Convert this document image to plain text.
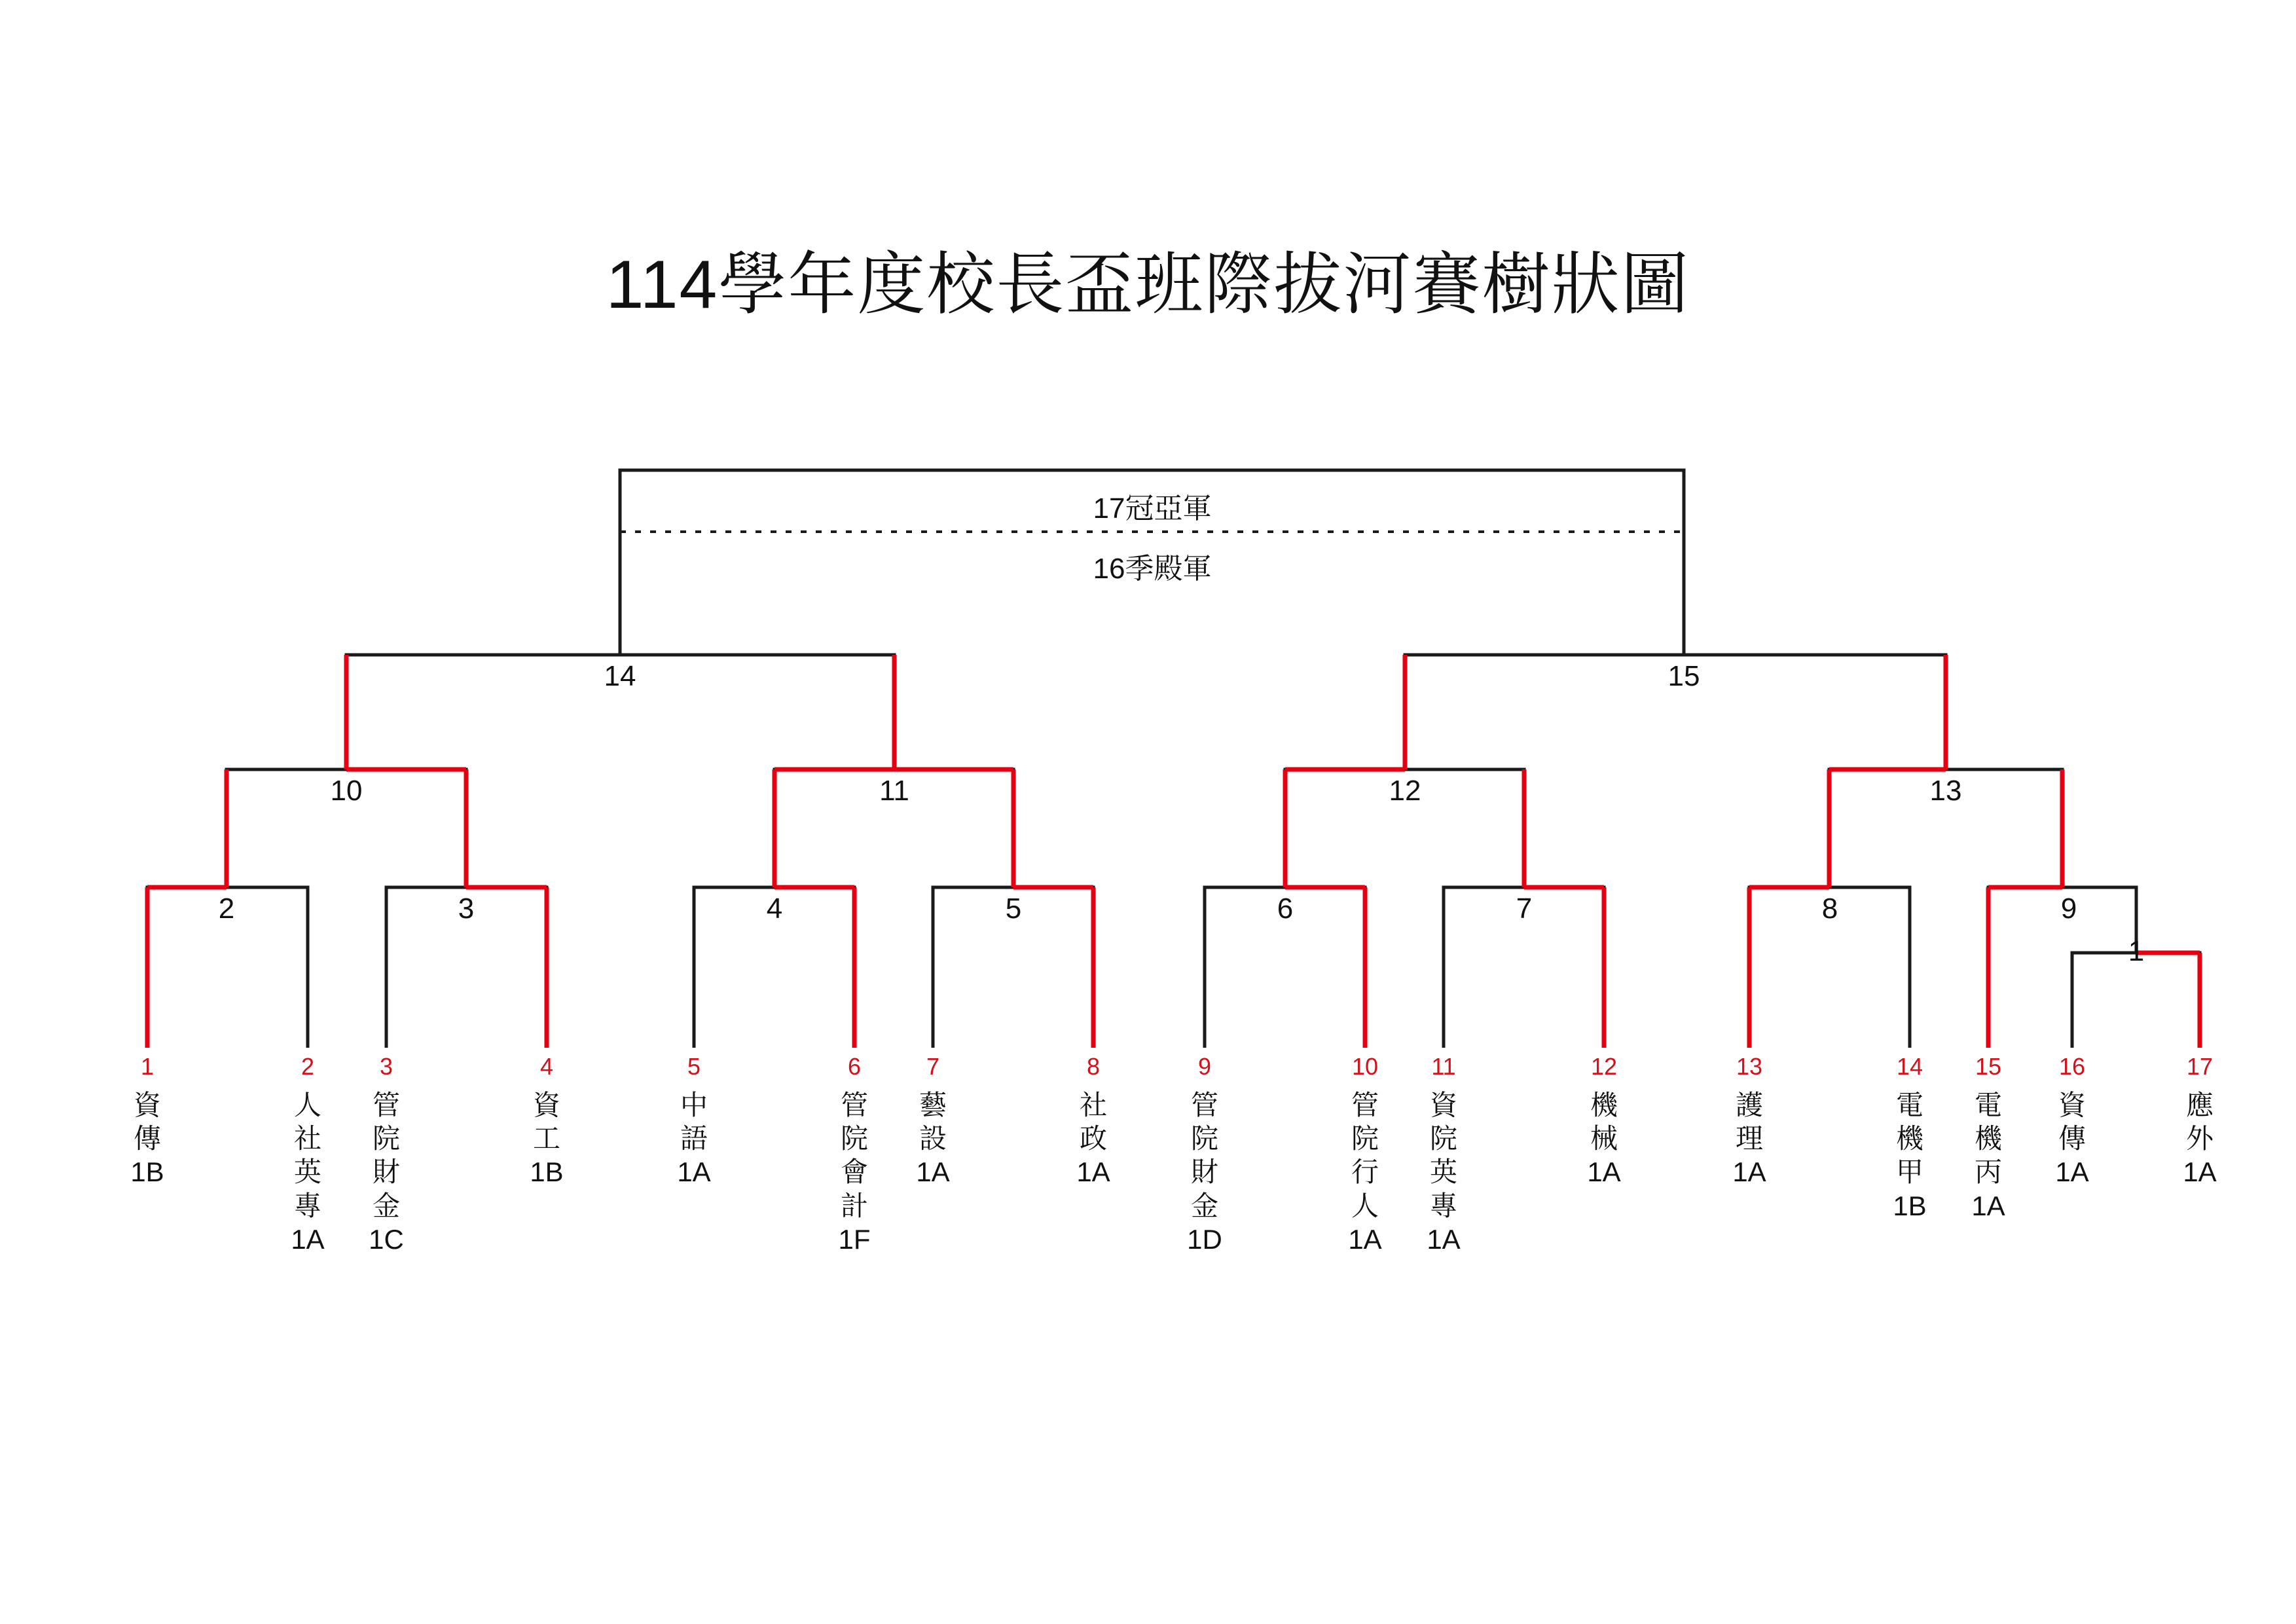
114學年度校長盃班際拔河賽樹狀圖
17冠亞軍
16季殿軍
14	15
10	11	12	13
2	3	4	5	6	7	8	9
1
1
資
傳
1B
2
人
社
英
專
1A
3
管
院
財
金
1C
4
資
工
1B
5
中
語
1A
6
管
院
會
計
1F
7
藝
設
1A
8
社
政
1A
9
管
院
財
金
1D
10
管
院
行
人
1A
11
資
院
英
專
1A
12
機
械
1A
13
護
理
1A
14
電
機
甲
1B
15
電
機
丙
1A
16
資
傳
1A
17
應
外
1A
